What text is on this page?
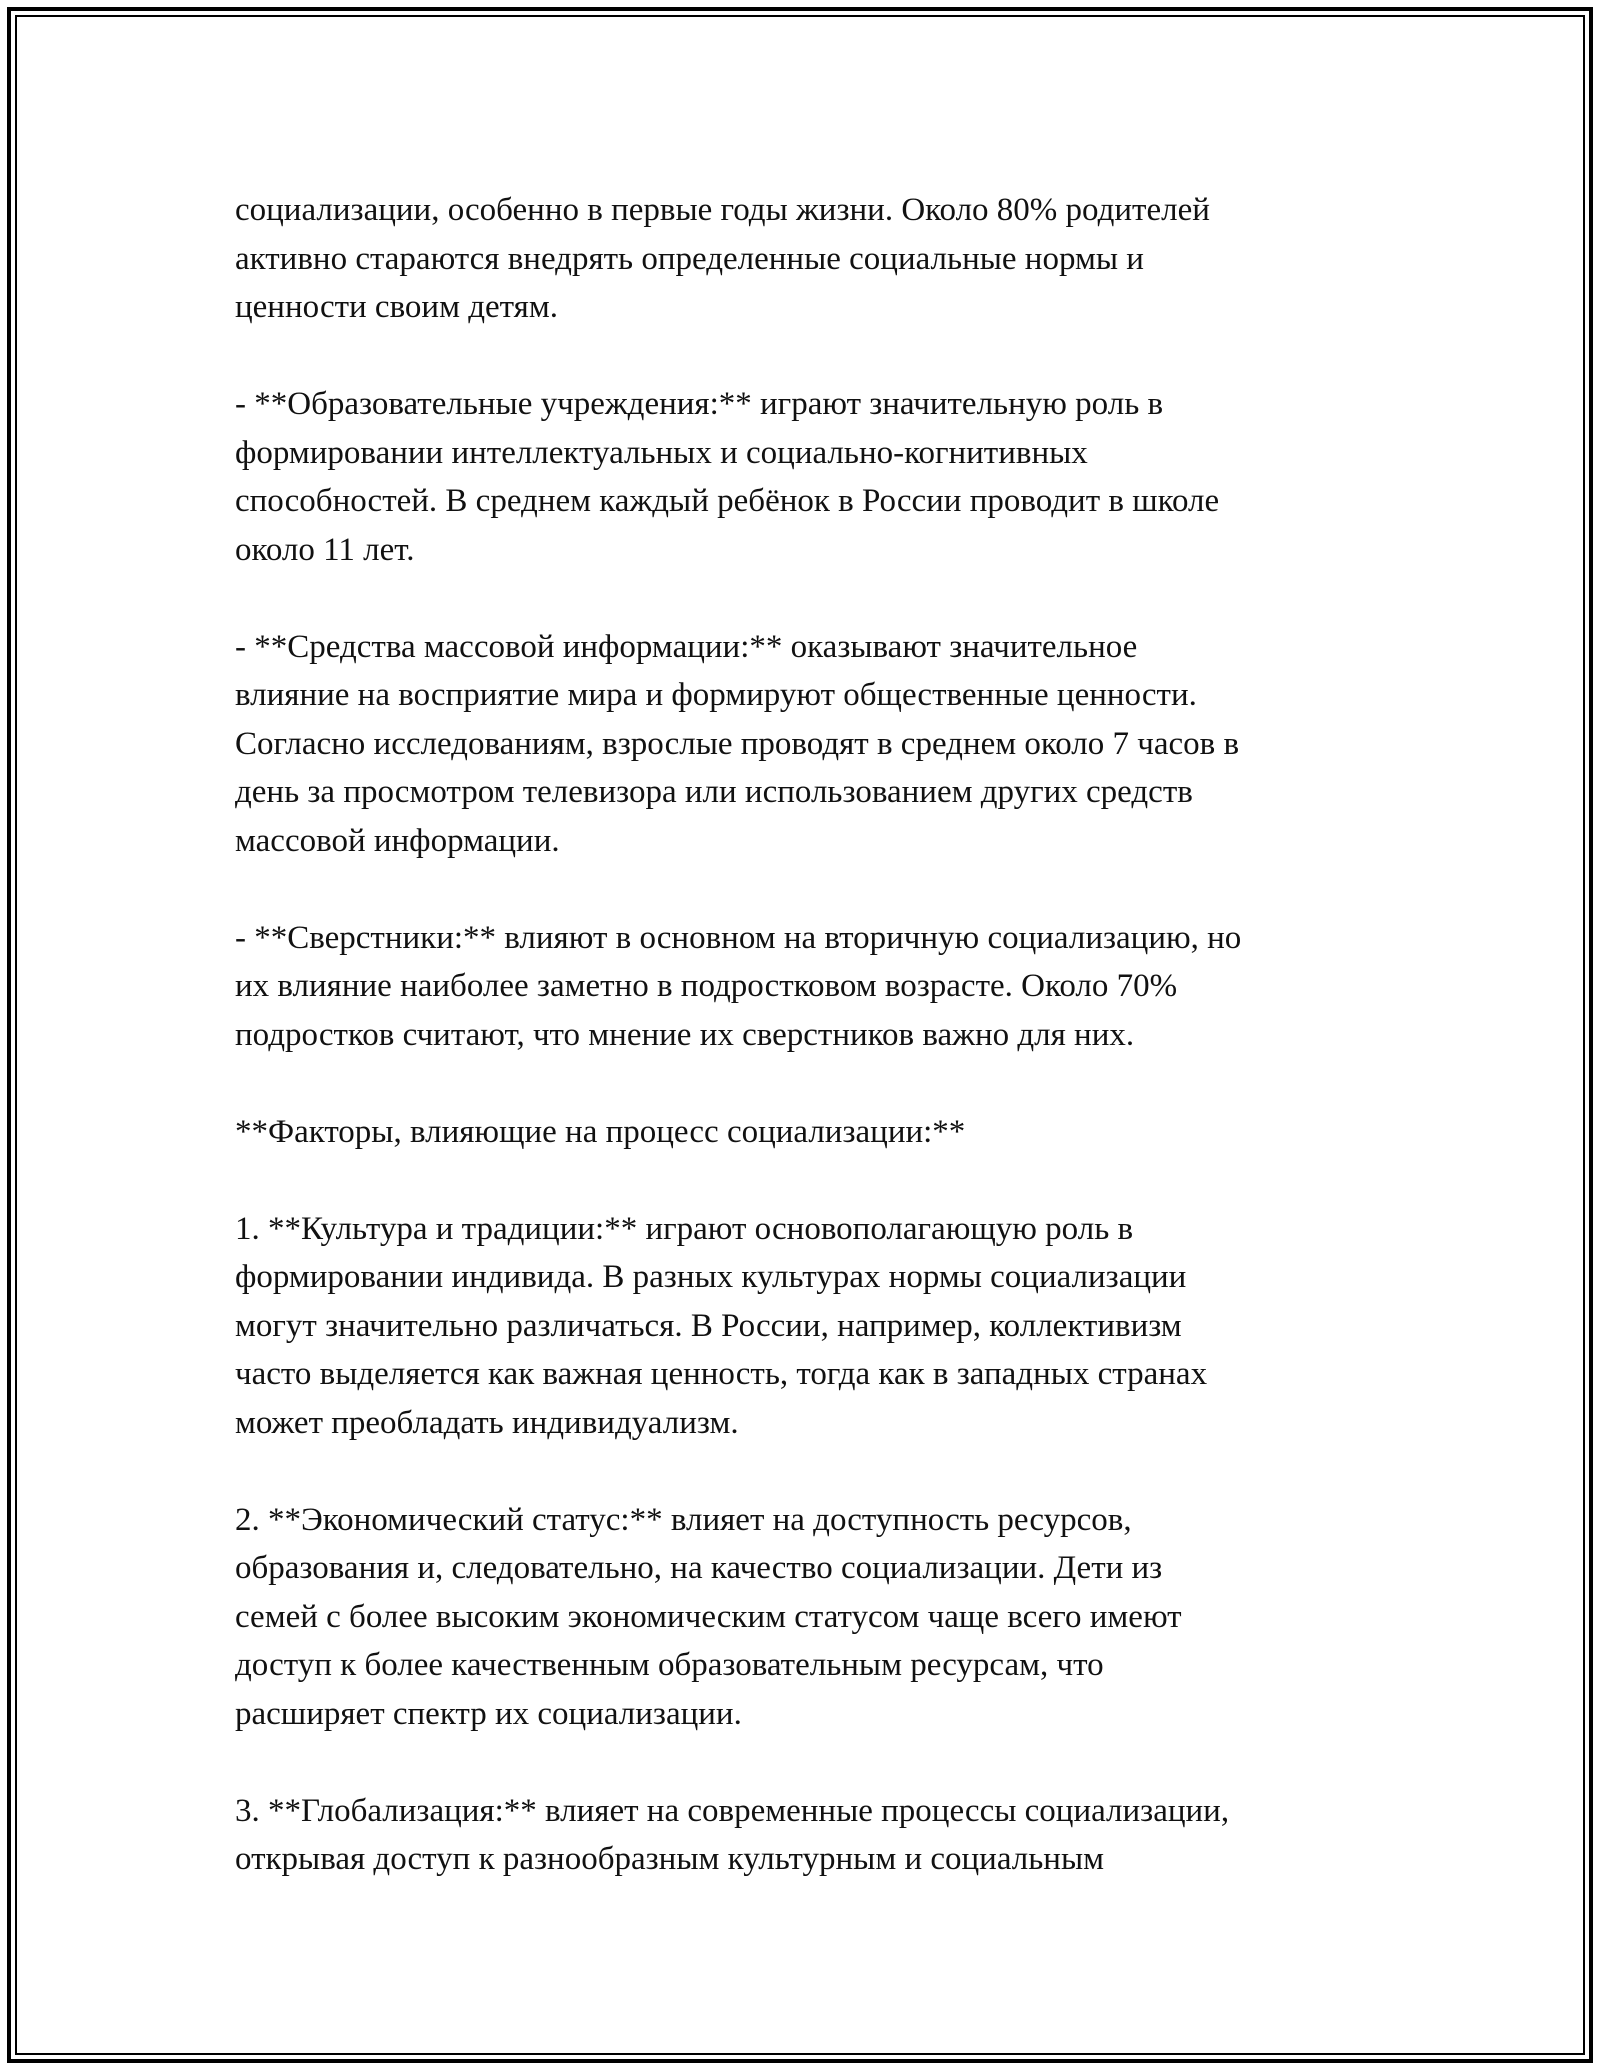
социализации, особенно в первые годы жизни. Около 80% родителей
активно стараются внедрять определенные социальные нормы и
ценности своим детям.

- **Образовательные учреждения:** играют значительную роль в
формировании интеллектуальных и социально-когнитивных
способностей. В среднем каждый ребёнок в России проводит в школе
около 11 лет.

- **Средства массовой информации:** оказывают значительное
влияние на восприятие мира и формируют общественные ценности.
Согласно исследованиям, взрослые проводят в среднем около 7 часов в
день за просмотром телевизора или использованием других средств
массовой информации.

- **Сверстники:** влияют в основном на вторичную социализацию, но
их влияние наиболее заметно в подростковом возрасте. Около 70%
подростков считают, что мнение их сверстников важно для них.

**Факторы, влияющие на процесс социализации:**

1. **Культура и традиции:** играют основополагающую роль в
формировании индивида. В разных культурах нормы социализации
могут значительно различаться. В России, например, коллективизм
часто выделяется как важная ценность, тогда как в западных странах
может преобладать индивидуализм.

2. **Экономический статус:** влияет на доступность ресурсов,
образования и, следовательно, на качество социализации. Дети из
семей с более высоким экономическим статусом чаще всего имеют
доступ к более качественным образовательным ресурсам, что
расширяет спектр их социализации.

3. **Глобализация:** влияет на современные процессы социализации,
открывая доступ к разнообразным культурным и социальным
